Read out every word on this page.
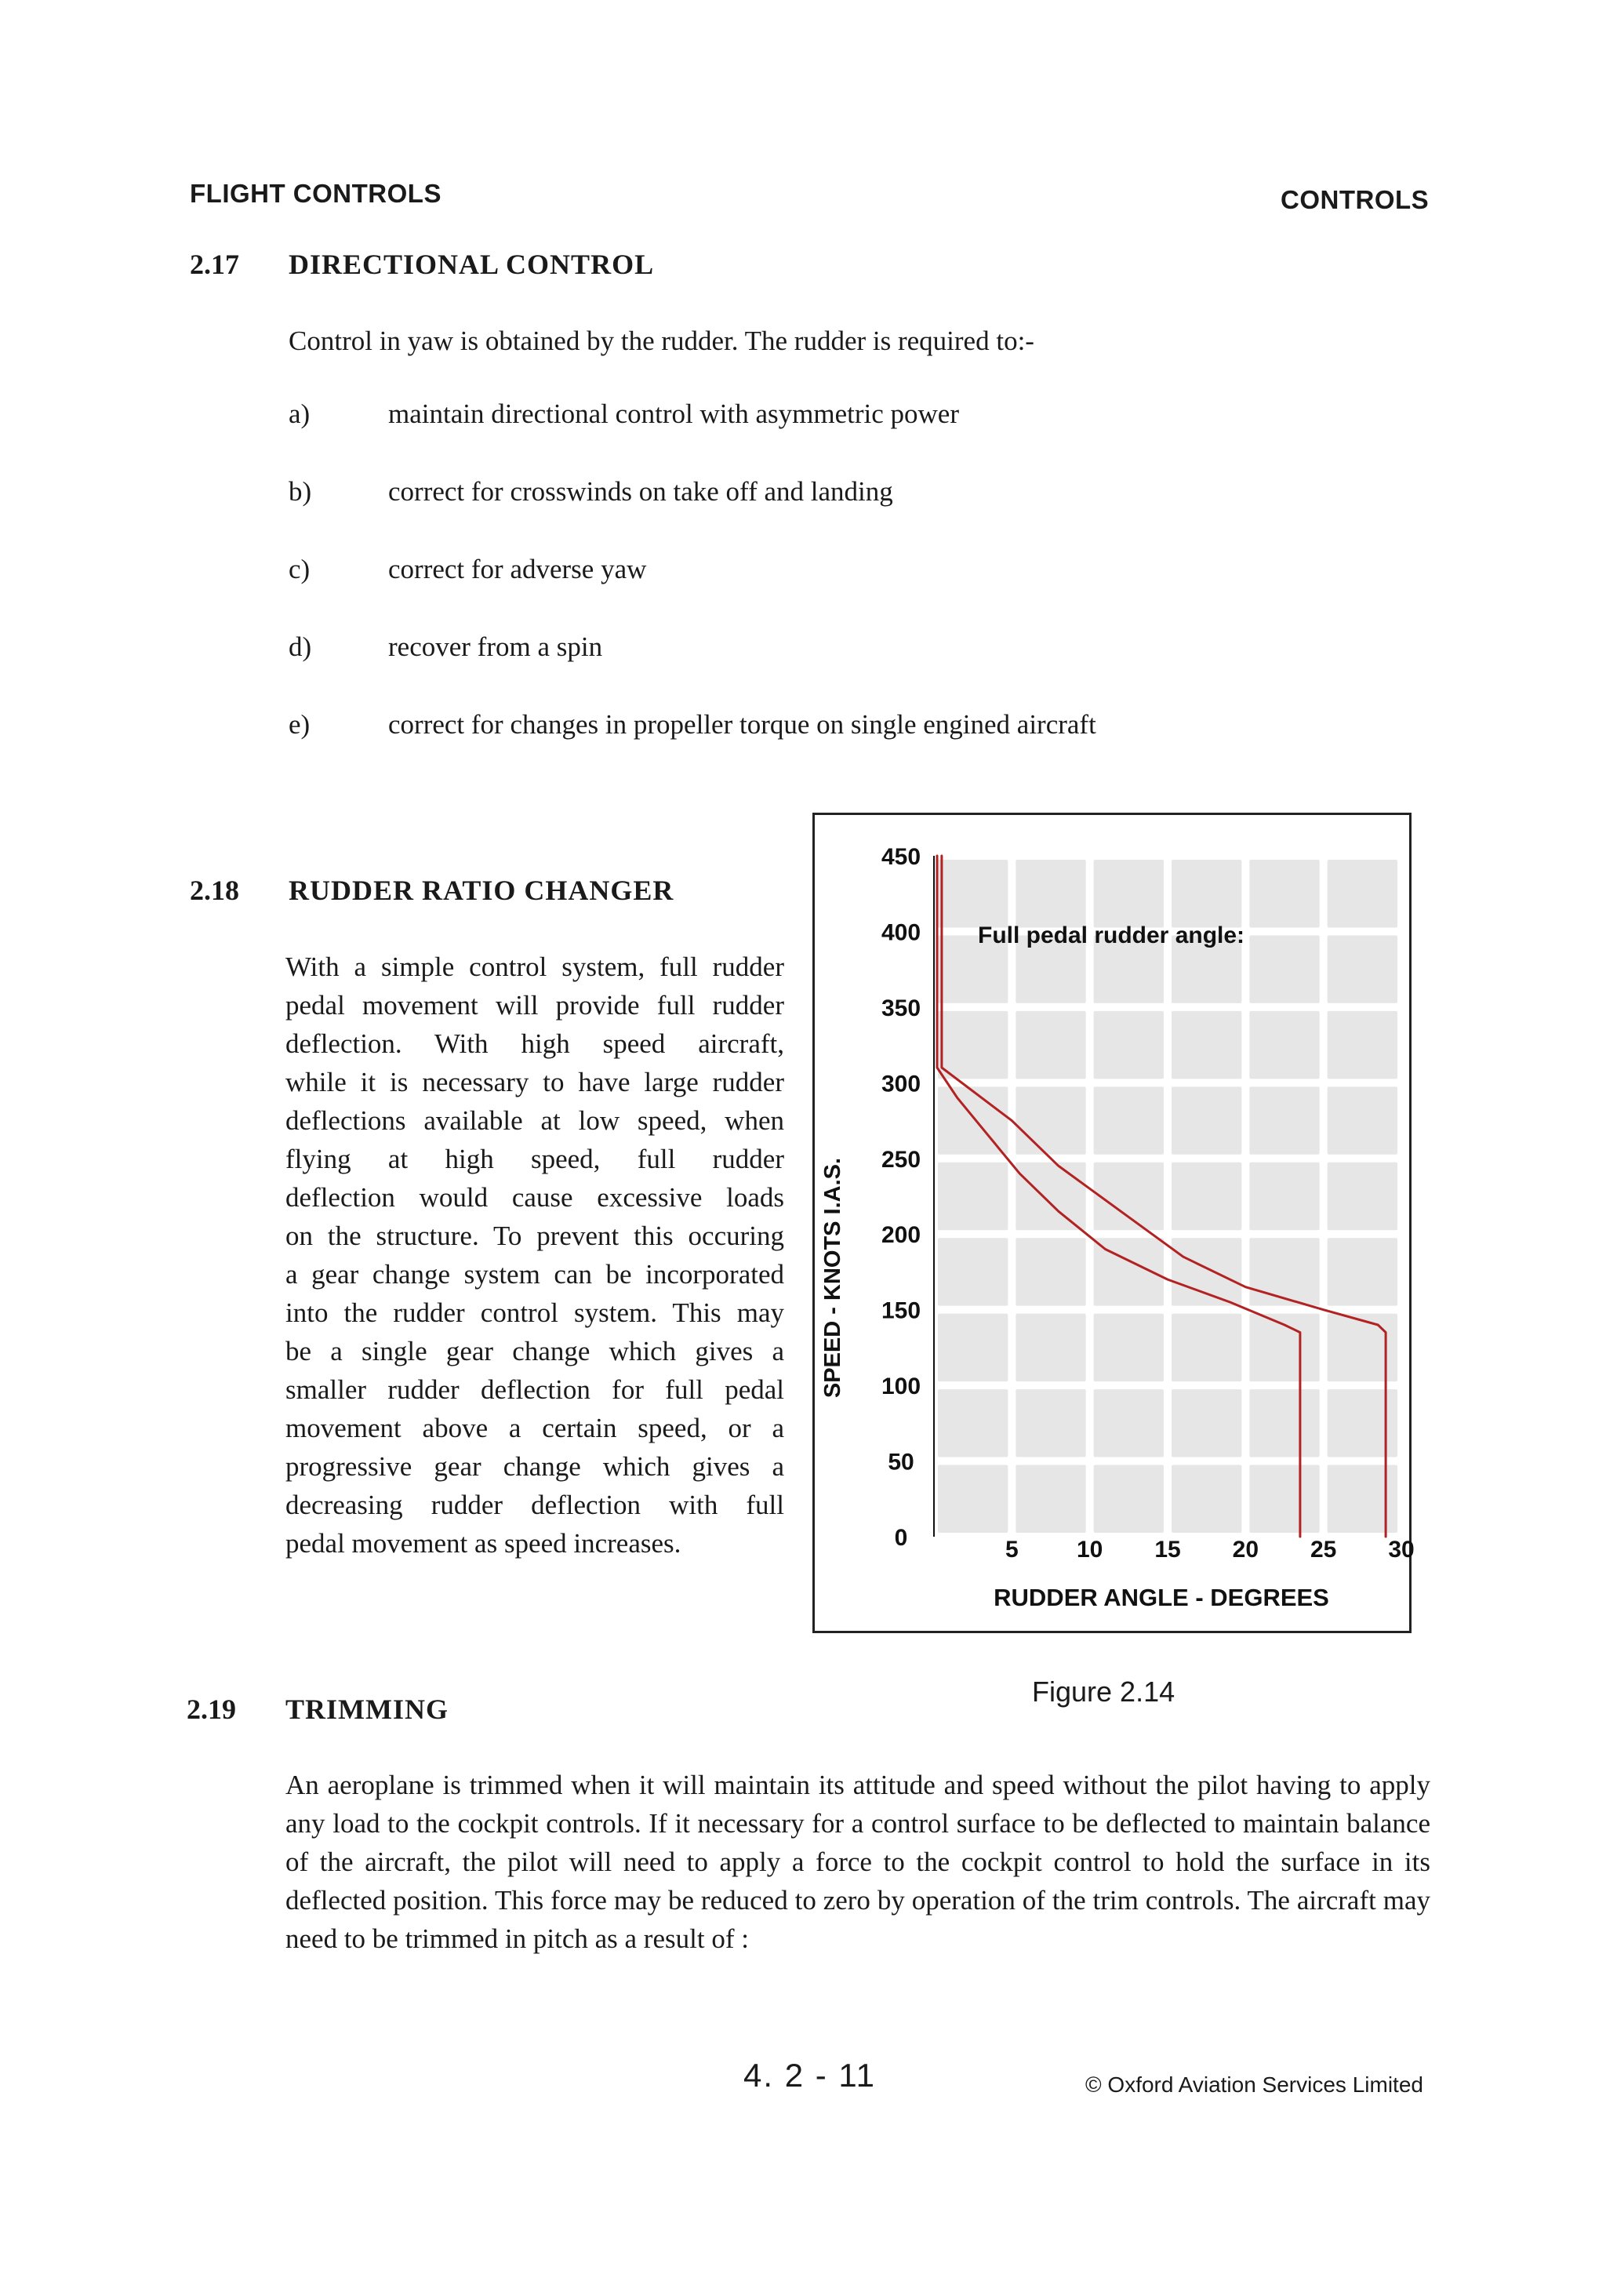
FLIGHT CONTROLS	CONTROLS
2.17 DIRECTIONAL CONTROL
Control in yaw is obtained by the rudder. The rudder is required to:-
a)	maintain directional control with asymmetric power
b)	correct for crosswinds on take off and landing
c)	correct for adverse yaw
d)	recover from a spin
e)	correct for changes in propeller torque on single engined aircraft
2.18 RUDDER RATIO CHANGER
With a simple control system, full rudder
pedal movement will provide full rudder
deflection. With high speed aircraft,
while it is necessary to have large rudder
deflections available at low speed, when
flying at high speed, full rudder
deflection would cause excessive loads
on the structure. To prevent this occuring
a gear change system can be incorporated
into the rudder control system. This may
be a single gear change which gives a
smaller rudder deflection for full pedal
movement above a certain speed, or a
progressive gear change which gives a
decreasing rudder deflection with full
pedal movement as speed increases.
450
400
350
300
250
200
150
100
50
0	5 10 15 20 25 30
Full pedal rudder angle:
SPEED - KNOTS I.A.S.
RUDDER ANGLE - DEGREES
Figure 2.14
2.19 TRIMMING
An aeroplane is trimmed when it will maintain its attitude and speed without the pilot having to apply any load to the cockpit controls. If it necessary for a control surface to be deflected to maintain balance of the aircraft, the pilot will need to apply a force to the cockpit control to hold the surface in its deflected position. This force may be reduced to zero by operation of the trim controls. The aircraft may need to be trimmed in pitch as a result of :
4. 2 - 11	© Oxford Aviation Services Limited
